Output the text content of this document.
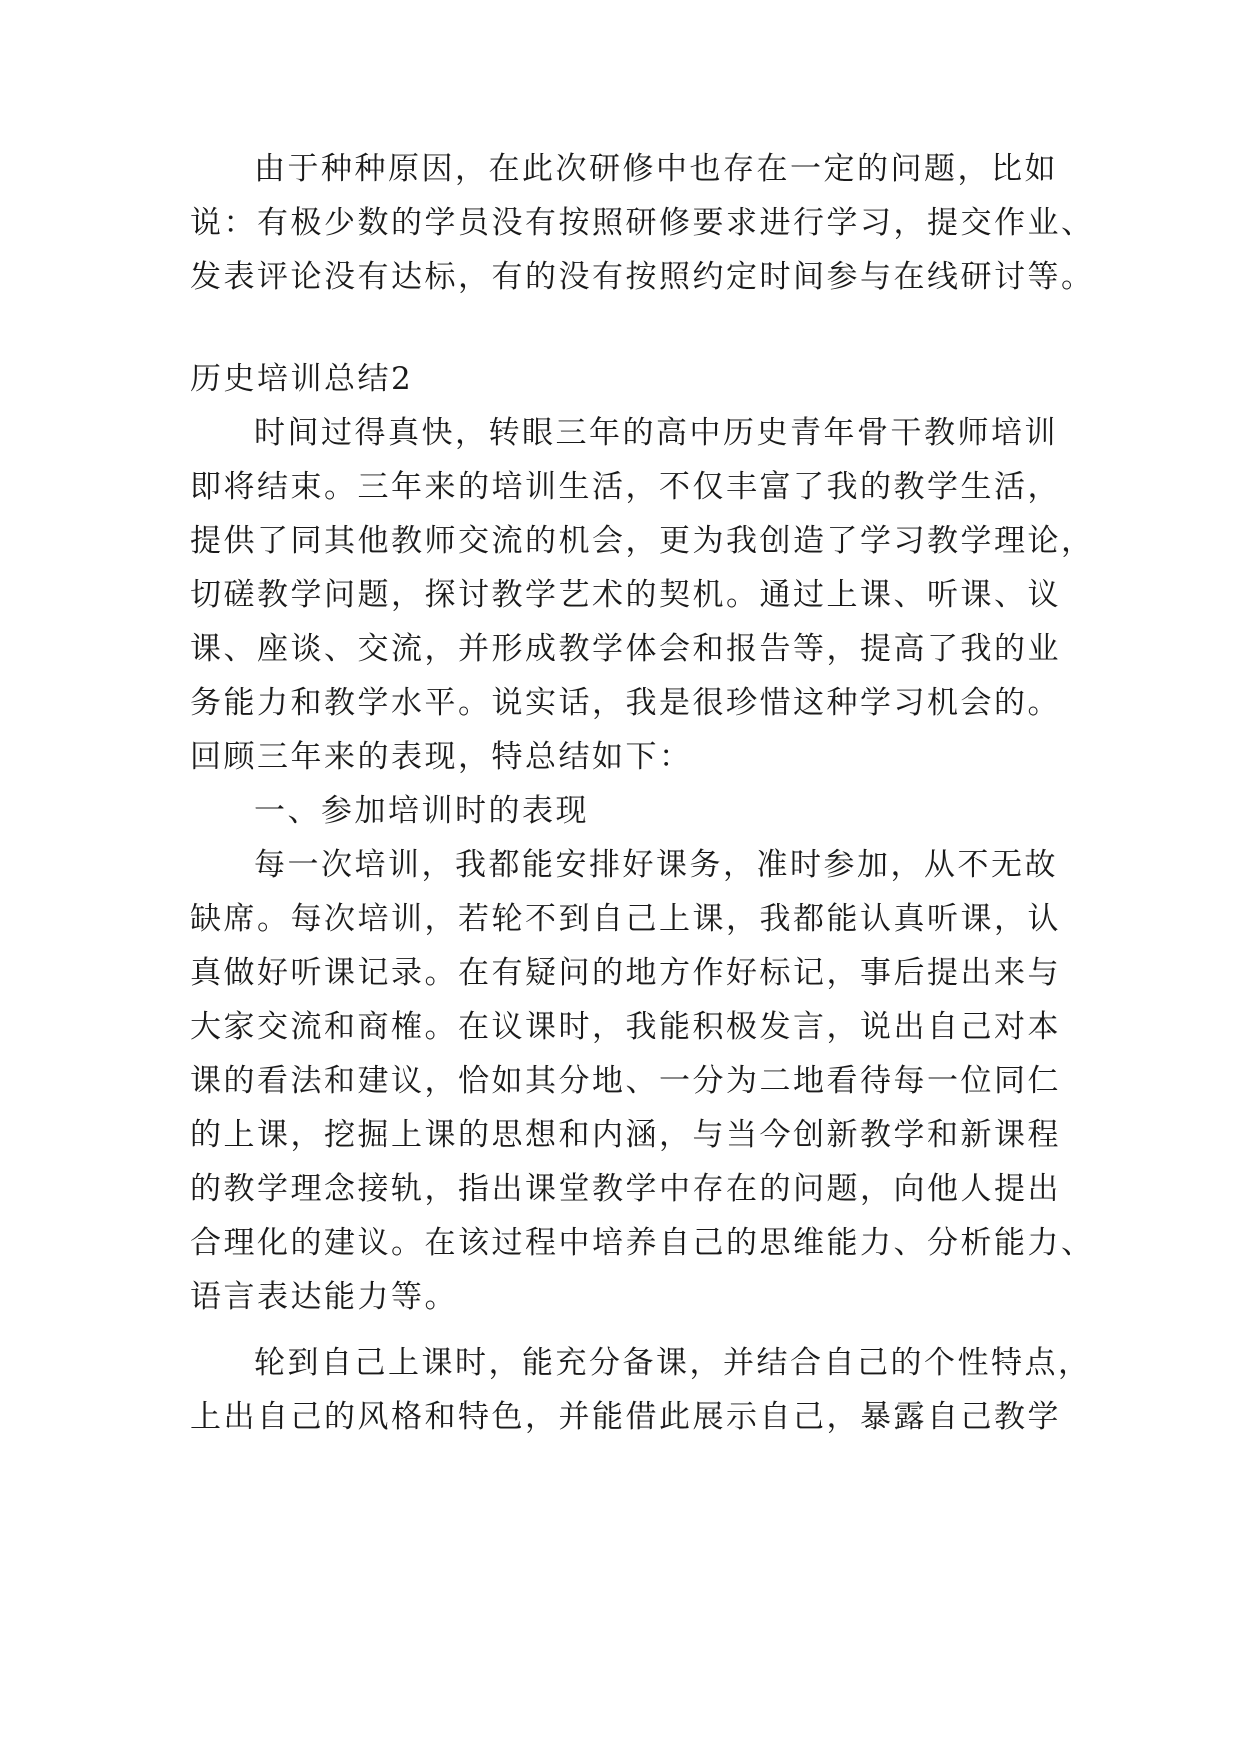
由于种种原因，在此次研修中也存在一定的问题，比如
说：有极少数的学员没有按照研修要求进行学习，提交作业、
发表评论没有达标，有的没有按照约定时间参与在线研讨等。
历史培训总结2
时间过得真快，转眼三年的高中历史青年骨干教师培训
即将结束。三年来的培训生活，不仅丰富了我的教学生活，
提供了同其他教师交流的机会，更为我创造了学习教学理论，
切磋教学问题，探讨教学艺术的契机。通过上课、听课、议
课、座谈、交流，并形成教学体会和报告等，提高了我的业
务能力和教学水平。说实话，我是很珍惜这种学习机会的。
回顾三年来的表现，特总结如下：
一、参加培训时的表现
每一次培训，我都能安排好课务，准时参加，从不无故
缺席。每次培训，若轮不到自己上课，我都能认真听课，认
真做好听课记录。在有疑问的地方作好标记，事后提出来与
大家交流和商榷。在议课时，我能积极发言，说出自己对本
课的看法和建议，恰如其分地、一分为二地看待每一位同仁
的上课，挖掘上课的思想和内涵，与当今创新教学和新课程
的教学理念接轨，指出课堂教学中存在的问题，向他人提出
合理化的建议。在该过程中培养自己的思维能力、分析能力、
语言表达能力等。
轮到自己上课时，能充分备课，并结合自己的个性特点，
上出自己的风格和特色，并能借此展示自己，暴露自己教学
